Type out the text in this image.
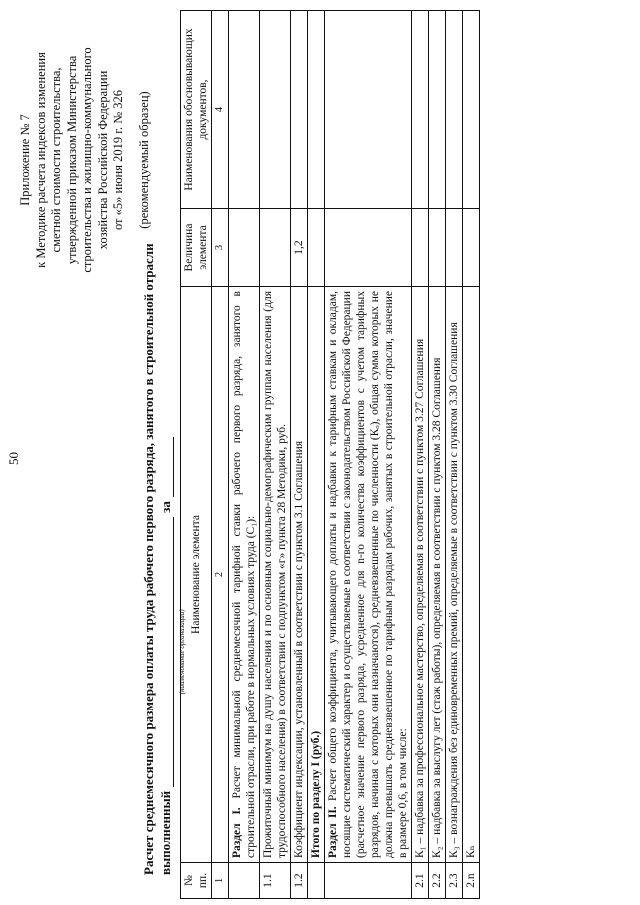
50
Приложение № 7 к Методике расчета индексов изменения сметной стоимости строительства, утвержденной приказом Министерства строительства и жилищно-коммунального хозяйства Российской Федерации от «5» июня 2019 г. № 326 (рекомендуемый образец)
Расчет среднемесячного размера оплаты труда рабочего первого разряда, занятого в строительной отрасли выполненный
(наименование организации)
за
№ пп.	Наименование элемента	Величина элемента	Наименования обосновывающих документов,
1	2	3	4
	Раздел I. Расчет минимальной среднемесячной тарифной ставки рабочего первого разряда, занятого в строительной отрасли, при работе в нормальных условиях труда (С₁):		
1.1	Прожиточный минимум на душу населения и по основным социально-демографическим группам населения (для трудоспособного населения) в соответствии с подпунктом «г» пункта 28 Методики, руб.		
1.2	Коэффициент индексации, установленный в соответствии с пунктом 3.1 Соглашения	1,2	
	Итого по разделу I (руб.)		
	Раздел II. Расчет общего коэффициента, учитывающего доплаты и надбавки к тарифным ставкам и окладам, носящие систематический характер и осуществляемые в соответствии с законодательством Российской Федерации (расчетное значение первого разряда, усредненное для n-го количества коэффициентов с учетом тарифных разрядов, начиная с которых они назначаются), средневзвешенные по численности (Кₒ), общая сумма которых не должна превышать средневзвешенное по тарифным разрядам рабочих, занятых в строительной отрасли, значение в размере 0,6, в том числе:		
2.1	К₁ – надбавка за профессиональное мастерство, определяемая в соответствии с пунктом 3.27 Соглашения		
2.2	К₂ – надбавка за выслугу лет (стаж работы), определяемая в соответствии с пунктом 3.28 Соглашения		
2.3	К₃ – вознаграждения без единовременных премий, определяемые в соответствии с пунктом 3.30 Соглашения		
2.n	Кₙ		
